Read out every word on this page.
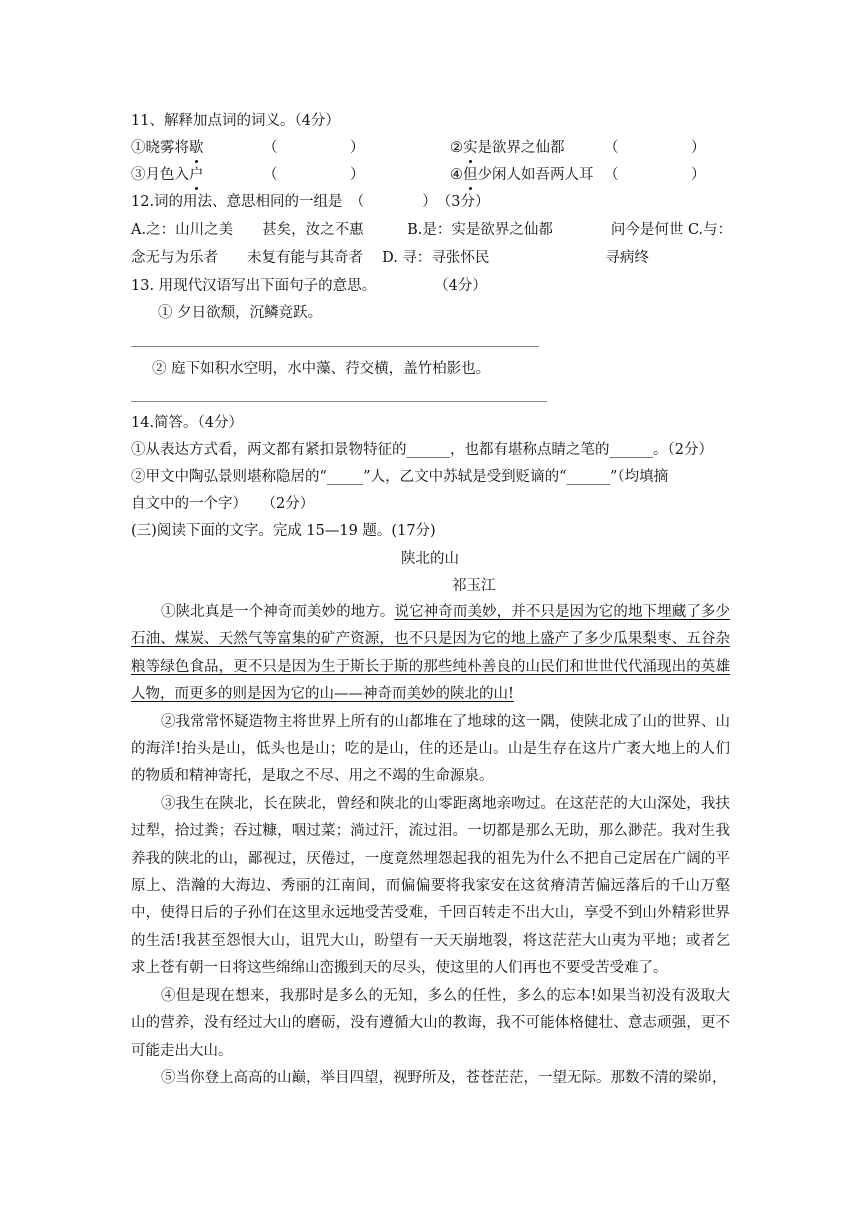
11、解释加点词的词义。（4分）
①晓雾将歇	（　　　　　）	②实是欲界之仙都	（　　　　　）
③月色入户	（　　　　　）	④但少闲人如吾两人耳 （　　　　　）
12.词的用法、意思相同的一组是　（　　　　）　（3分）
A.之：山川之美　　甚矣，汝之不惠　　　B.是：实是欲界之仙都　　　　问今是何世 C.与：
念无与为乐者　　未复有能与其奇者　 D. 寻：寻张怀民　　　　　　　　寻病终
13. 用现代汉语写出下面句子的意思。　　　　　（4分）
① 夕日欲颓，沉鳞竞跃。
② 庭下如积水空明，水中藻、荇交横，盖竹柏影也。
14.简答。（4分）
①从表达方式看，两文都有紧扣景物特征的______，也都有堪称点睛之笔的______。（2分）
②甲文中陶弘景则堪称隐居的“_____”人，乙文中苏轼是受到贬谪的“______”（均填摘
自文中的一个字）　　（2分）
(三)阅读下面的文字。完成 15—19 题。(17分)
陕北的山
祁玉江

①陕北真是一个神奇而美妙的地方。说它神奇而美妙，并不只是因为它的地下埋藏了多少石油、煤炭、天然气等富集的矿产资源，也不只是因为它的地上盛产了多少瓜果梨枣、五谷杂粮等绿色食品，更不只是因为生于斯长于斯的那些纯朴善良的山民们和世世代代涌现出的英雄人物，而更多的则是因为它的山——神奇而美妙的陕北的山!

②我常常怀疑造物主将世界上所有的山都堆在了地球的这一隅，使陕北成了山的世界、山的海洋!抬头是山，低头也是山；吃的是山，住的还是山。山是生存在这片广袤大地上的人们的物质和精神寄托，是取之不尽、用之不竭的生命源泉。

③我生在陕北，长在陕北，曾经和陕北的山零距离地亲吻过。在这茫茫的大山深处，我扶过犁，拾过粪；吞过糠，咽过菜；淌过汗，流过泪。一切都是那么无助，那么渺茫。我对生我养我的陕北的山，鄙视过，厌倦过，一度竟然埋怨起我的祖先为什么不把自己定居在广阔的平原上、浩瀚的大海边、秀丽的江南间，而偏偏要将我家安在这贫瘠清苦偏远落后的千山万壑中，使得日后的子孙们在这里永远地受苦受难，千回百转走不出大山，享受不到山外精彩世界的生活!我甚至怨恨大山，诅咒大山，盼望有一天天崩地裂，将这茫茫大山夷为平地；或者乞求上苍有朝一日将这些绵绵山峦搬到天的尽头，使这里的人们再也不要受苦受难了。

④但是现在想来，我那时是多么的无知，多么的任性，多么的忘本!如果当初没有汲取大山的营养，没有经过大山的磨砺，没有遵循大山的教诲，我不可能体格健壮、意志顽强，更不可能走出大山。

⑤当你登上高高的山巅，举目四望，视野所及，苍苍茫茫，一望无际。那数不清的梁峁，
